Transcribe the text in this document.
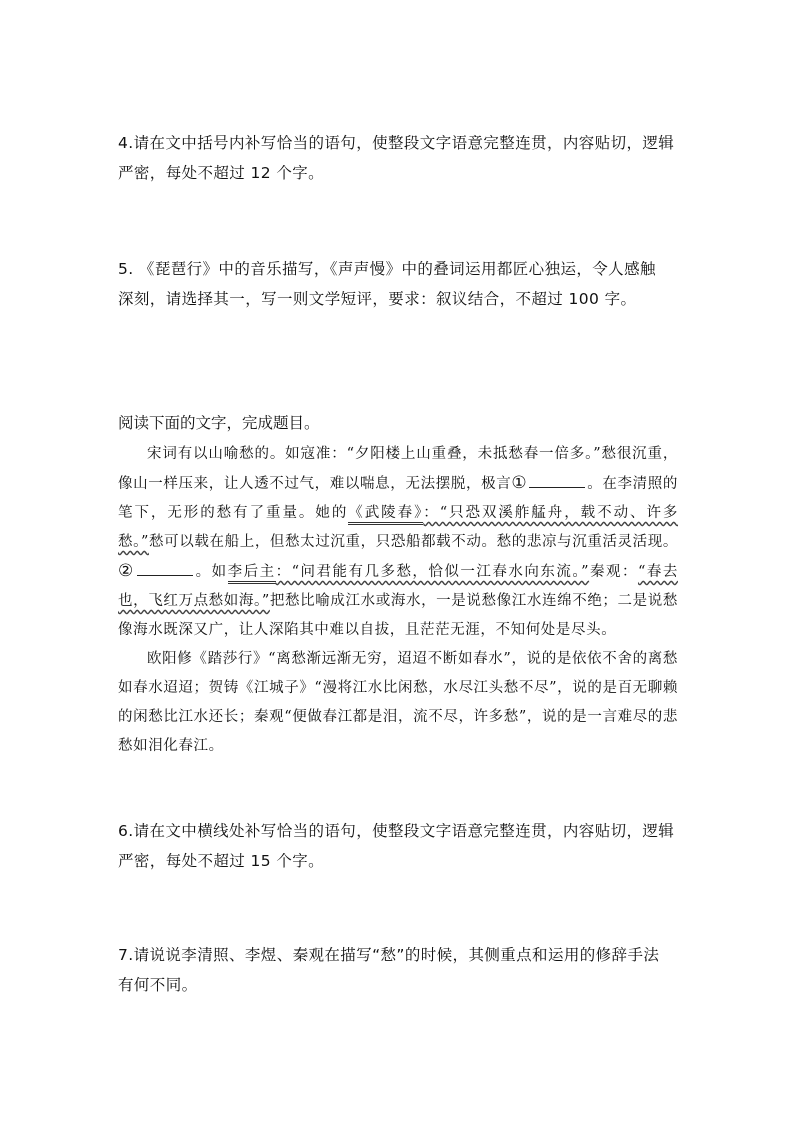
4.请在文中括号内补写恰当的语句，使整段文字语意完整连贯，内容贴切，逻辑
严密，每处不超过 12 个字。
5. 《琵琶行》中的音乐描写，《声声慢》中的叠词运用都匠心独运，令人感触
深刻，请选择其一，写一则文学短评，要求：叙议结合，不超过 100 字。
阅读下面的文字，完成题目。

宋词有以山喻愁的。如寇准：“夕阳楼上山重叠，未抵愁春一倍多。”愁很沉重，像山一样压来，让人透不过气，难以喘息，无法摆脱，极言①	。在李清照的笔下，无形的愁有了重量。她的《武陵春》：“只恐双溪舴艋舟，载不动、许多愁。”愁可以载在船上，但愁太过沉重，只恐船都载不动。愁的悲凉与沉重活灵活现。②	。如李后主：“问君能有几多愁，恰似一江春水向东流。”秦观：“春去也，飞红万点愁如海。”把愁比喻成江水或海水，一是说愁像江水连绵不绝；二是说愁像海水既深又广，让人深陷其中难以自拔，且茫茫无涯，不知何处是尽头。

欧阳修《踏莎行》“离愁渐远渐无穷，迢迢不断如春水”，说的是依依不舍的离愁如春水迢迢；贺铸《江城子》“漫将江水比闲愁，水尽江头愁不尽”，说的是百无聊赖的闲愁比江水还长；秦观“便做春江都是泪，流不尽，许多愁”，说的是一言难尽的悲愁如泪化春江。

6.请在文中横线处补写恰当的语句，使整段文字语意完整连贯，内容贴切，逻辑
严密，每处不超过 15 个字。
7.请说说李清照、李煜、秦观在描写“愁”的时候，其侧重点和运用的修辞手法
有何不同。
